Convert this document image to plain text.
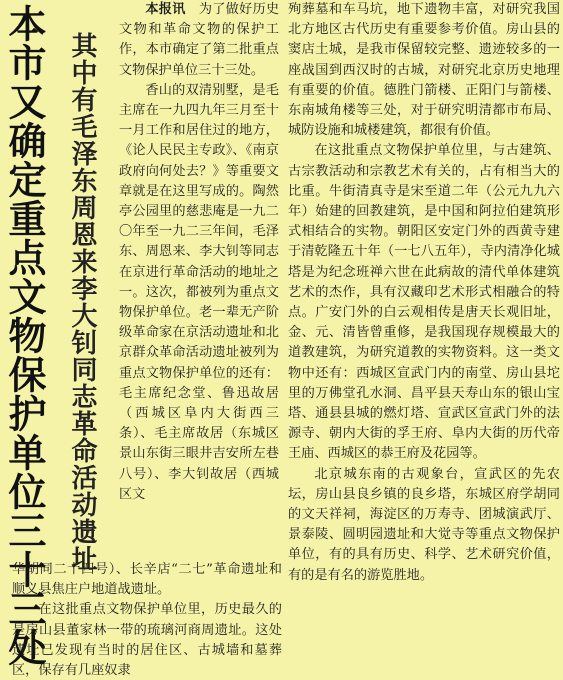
本市又确定重点文物保护单位三十三处 其中有毛泽东周恩来李大钊同志革命活动遗址

本报讯　 为了做好历史文物和革命文物的保护工作，本市确定了第二批重点文物保护单位三十三处。

香山的双清别墅，是毛主席在一九四九年三月至十一月工作和居住过的地方，《论人民民主专政》、《南京政府向何处去？》等重要文章就是在这里写成的。陶然亭公园里的慈悲庵是一九二〇年至一九二三年间，毛泽东、周恩来、李大钊等同志在京进行革命活动的地址之一。这次，都被列为重点文物保护单位。老一辈无产阶级革命家在京活动遗址和北京群众革命活动遗址被列为重点文物保护单位的还有：毛主席纪念堂、鲁迅故居（西城区阜内大街西三条）、毛主席故居（东城区景山东街三眼井吉安所左巷八号）、李大钊故居（西城区文

华胡同二十四号）、长辛店“二七”革命遗址和顺义县焦庄户地道战遗址。

在这批重点文物保护单位里，历史最久的是房山县董家林一带的琉璃河商周遗址。这处遗址已发现有当时的居住区、古城墙和墓葬区，保存有几座奴隶

殉葬墓和车马坑，地下遗物丰富，对研究我国北方地区古代历史有重要参考价值。房山县的窦店土城，是我市保留较完整、遗迹较多的一座战国到西汉时的古城，对研究北京历史地理有重要的价值。德胜门箭楼、正阳门与箭楼、东南城角楼等三处，对于研究明清都市布局、城防设施和城楼建筑，都很有价值。

在这批重点文物保护单位里，与古建筑、古宗教活动和宗教艺术有关的，占有相当大的比重。牛街清真寺是宋至道二年（公元九九六年）始建的回教建筑，是中国和阿拉伯建筑形式相结合的实物。朝阳区安定门外的西黄寺建于清乾隆五十年（一七八五年），寺内清净化城塔是为纪念班禅六世在此病故的清代单体建筑艺术的杰作，具有汉藏印艺术形式相融合的特点。广安门外的白云观相传是唐天长观旧址，金、元、清皆曾重修，是我国现存规模最大的道教建筑，为研究道教的实物资料。这一类文物中还有：西城区宣武门内的南堂、房山县坨里的万佛堂孔水洞、昌平县天寿山东的银山宝塔、通县县城的燃灯塔、宣武区宣武门外的法源寺、朝内大街的孚王府、阜内大街的历代帝王庙、西城区的恭王府及花园等。

北京城东南的古观象台，宣武区的先农坛，房山县良乡镇的良乡塔，东城区府学胡同的文天祥祠，海淀区的万寿寺、团城演武厅、景泰陵、圆明园遗址和大觉寺等重点文物保护单位，有的具有历史、科学、艺术研究价值，有的是有名的游览胜地。
